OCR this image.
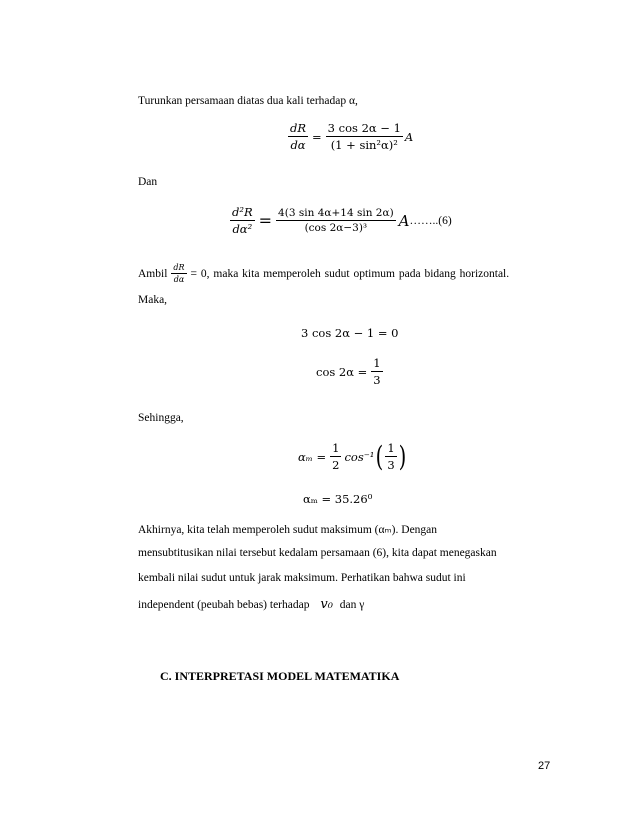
Turunkan persamaan diatas dua kali terhadap α,
$\frac{dR}{d\alpha} = \frac{3 \cos 2\alpha - 1}{\text{(1 + sin²α)²}}$ A
Dan
$\frac{\text{d²R}}{\text{dα²}} = \frac{4(3 \sin 4\alpha+14 \sin 2\alpha)}{\text{(cos 2α−3)³}}$ A ……..(6)
Ambil $\frac{dR}{d\alpha} = 0$, maka kita memperoleh sudut optimum pada bidang horizontal.
Maka,
3 cos 2α − 1 = 0
$\cos 2\alpha = \frac{1}{3}$
Sehingga,
$\alpha_m = \frac{1}{2} \cos^{-1}$ ( $\frac{1}{3}$ )
αₘ = 35.26⁰
Akhirnya, kita telah memperoleh sudut maksimum (αₘ). Dengan
mensubtitusikan nilai tersebut kedalam persamaan (6), kita dapat menegaskan
kembali nilai sudut untuk jarak maksimum. Perhatikan bahwa sudut ini
independent (peubah bebas) terhadap v₀ dan γ
C. INTERPRETASI MODEL MATEMATIKA
27
